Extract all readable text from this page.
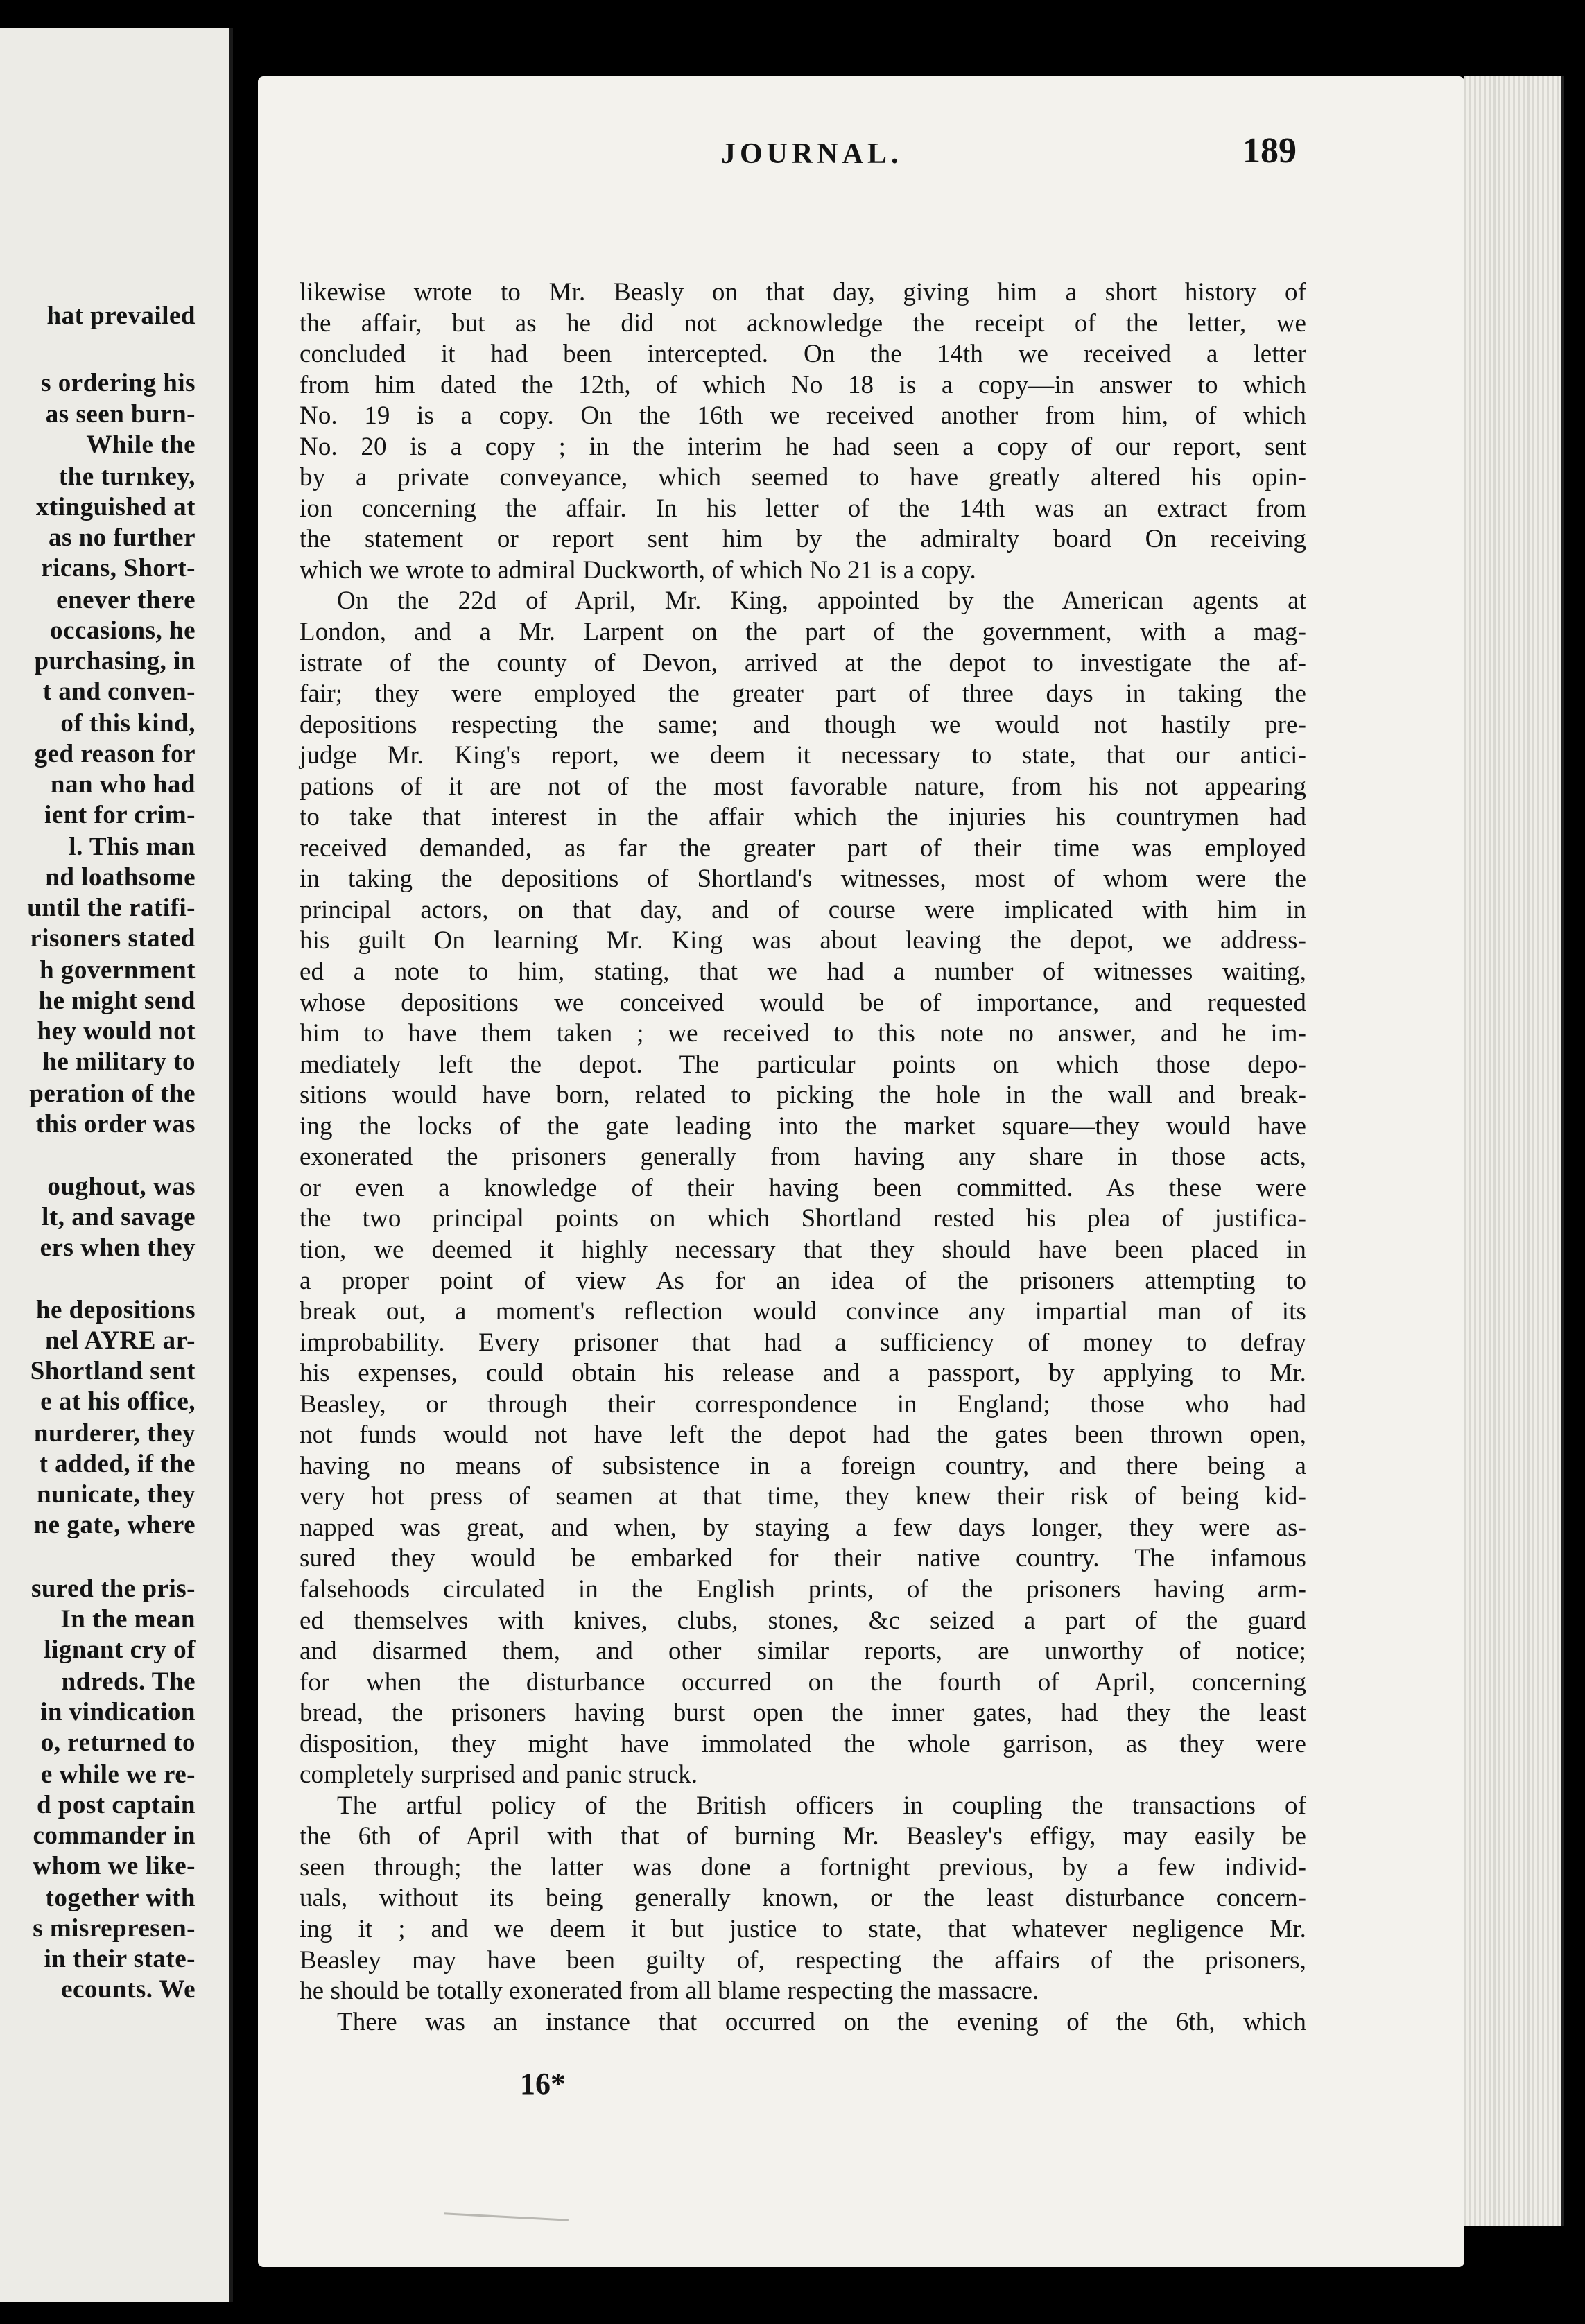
hat prevailed
s ordering his
as seen burn-
While the
the turnkey,
xtinguished at
as no further
ricans, Short-
enever there
occasions, he
purchasing, in
t and conven-
of this kind,
ged reason for
nan who had
ient for crim-
l. This man
nd loathsome
until the ratifi-
risoners stated
h government
he might send
hey would not
he military to
peration of the
this order was
oughout, was
lt, and savage
ers when they
he depositions
nel AYRE ar-
Shortland sent
e at his office,
nurderer, they
t added, if the
nunicate, they
ne gate, where
sured the pris-
In the mean
lignant cry of
ndreds. The
in vindication
o, returned to
e while we re-
d post captain
commander in
whom we like-
together with
s misrepresen-
in their state-
ecounts. We
JOURNAL.	189
likewise wrote to Mr. Beasly on that day, giving him a short history of
the affair, but as he did not acknowledge the receipt of the letter, we
concluded it had been intercepted. On the 14th we received a letter
from him dated the 12th, of which No 18 is a copy—in answer to which
No. 19 is a copy. On the 16th we received another from him, of which
No. 20 is a copy ; in the interim he had seen a copy of our report, sent
by a private conveyance, which seemed to have greatly altered his opin-
ion concerning the affair. In his letter of the 14th was an extract from
the statement or report sent him by the admiralty board On receiving
which we wrote to admiral Duckworth, of which No 21 is a copy.
On the 22d of April, Mr. King, appointed by the American agents at
London, and a Mr. Larpent on the part of the government, with a mag-
istrate of the county of Devon, arrived at the depot to investigate the af-
fair; they were employed the greater part of three days in taking the
depositions respecting the same; and though we would not hastily pre-
judge Mr. King's report, we deem it necessary to state, that our antici-
pations of it are not of the most favorable nature, from his not appearing
to take that interest in the affair which the injuries his countrymen had
received demanded, as far the greater part of their time was employed
in taking the depositions of Shortland's witnesses, most of whom were the
principal actors, on that day, and of course were implicated with him in
his guilt On learning Mr. King was about leaving the depot, we address-
ed a note to him, stating, that we had a number of witnesses waiting,
whose depositions we conceived would be of importance, and requested
him to have them taken ; we received to this note no answer, and he im-
mediately left the depot. The particular points on which those depo-
sitions would have born, related to picking the hole in the wall and break-
ing the locks of the gate leading into the market square—they would have
exonerated the prisoners generally from having any share in those acts,
or even a knowledge of their having been committed. As these were
the two principal points on which Shortland rested his plea of justifica-
tion, we deemed it highly necessary that they should have been placed in
a proper point of view As for an idea of the prisoners attempting to
break out, a moment's reflection would convince any impartial man of its
improbability. Every prisoner that had a sufficiency of money to defray
his expenses, could obtain his release and a passport, by applying to Mr.
Beasley, or through their correspondence in England; those who had
not funds would not have left the depot had the gates been thrown open,
having no means of subsistence in a foreign country, and there being a
very hot press of seamen at that time, they knew their risk of being kid-
napped was great, and when, by staying a few days longer, they were as-
sured they would be embarked for their native country. The infamous
falsehoods circulated in the English prints, of the prisoners having arm-
ed themselves with knives, clubs, stones, &c seized a part of the guard
and disarmed them, and other similar reports, are unworthy of notice;
for when the disturbance occurred on the fourth of April, concerning
bread, the prisoners having burst open the inner gates, had they the least
disposition, they might have immolated the whole garrison, as they were
completely surprised and panic struck.
The artful policy of the British officers in coupling the transactions of
the 6th of April with that of burning Mr. Beasley's effigy, may easily be
seen through; the latter was done a fortnight previous, by a few individ-
uals, without its being generally known, or the least disturbance concern-
ing it ; and we deem it but justice to state, that whatever negligence Mr.
Beasley may have been guilty of, respecting the affairs of the prisoners,
he should be totally exonerated from all blame respecting the massacre.
There was an instance that occurred on the evening of the 6th, which
16*
